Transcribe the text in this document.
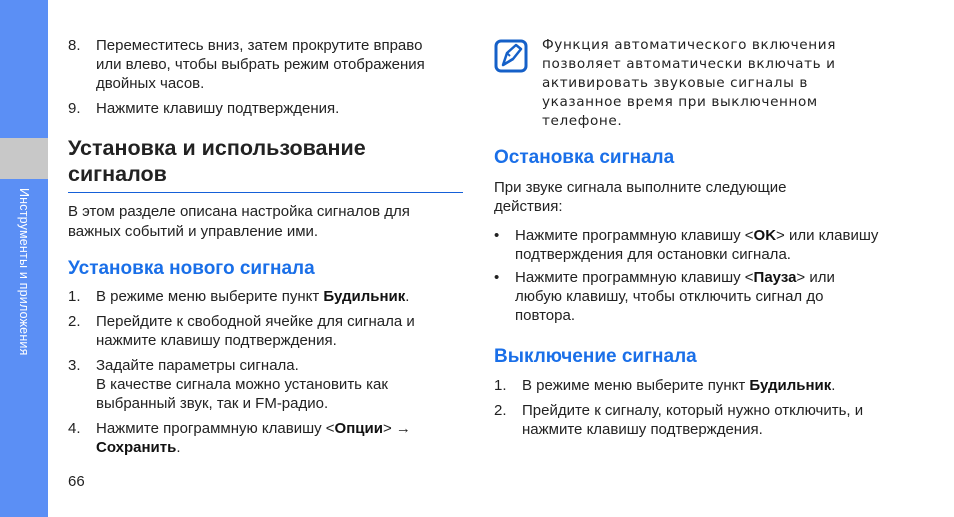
Инструменты и приложения
8. Переместитесь вниз, затем прокрутите вправо или влево, чтобы выбрать режим отображения двойных часов.
9. Нажмите клавишу подтверждения.
Установка и использование сигналов

В этом разделе описана настройка сигналов для важных событий и управление ими.

Установка нового сигнала
1. В режиме меню выберите пункт Будильник.
2. Перейдите к свободной ячейке для сигнала и нажмите клавишу подтверждения.
3. Задайте параметры сигнала.
В качестве сигнала можно установить как выбранный звук, так и FM-радио.
4. Нажмите программную клавишу <Опции> →
Сохранить.
66
Функция автоматического включения позволяет автоматически включать и активировать звуковые сигналы в указанное время при выключенном телефоне.
Остановка сигнала

При звуке сигнала выполните следующие действия:

• Нажмите программную клавишу <OK> или клавишу подтверждения для остановки сигнала.
• Нажмите программную клавишу <Пауза> или любую клавишу, чтобы отключить сигнал до повтора.
Выключение сигнала
1. В режиме меню выберите пункт Будильник.
2. Прейдите к сигналу, который нужно отключить, и нажмите клавишу подтверждения.
